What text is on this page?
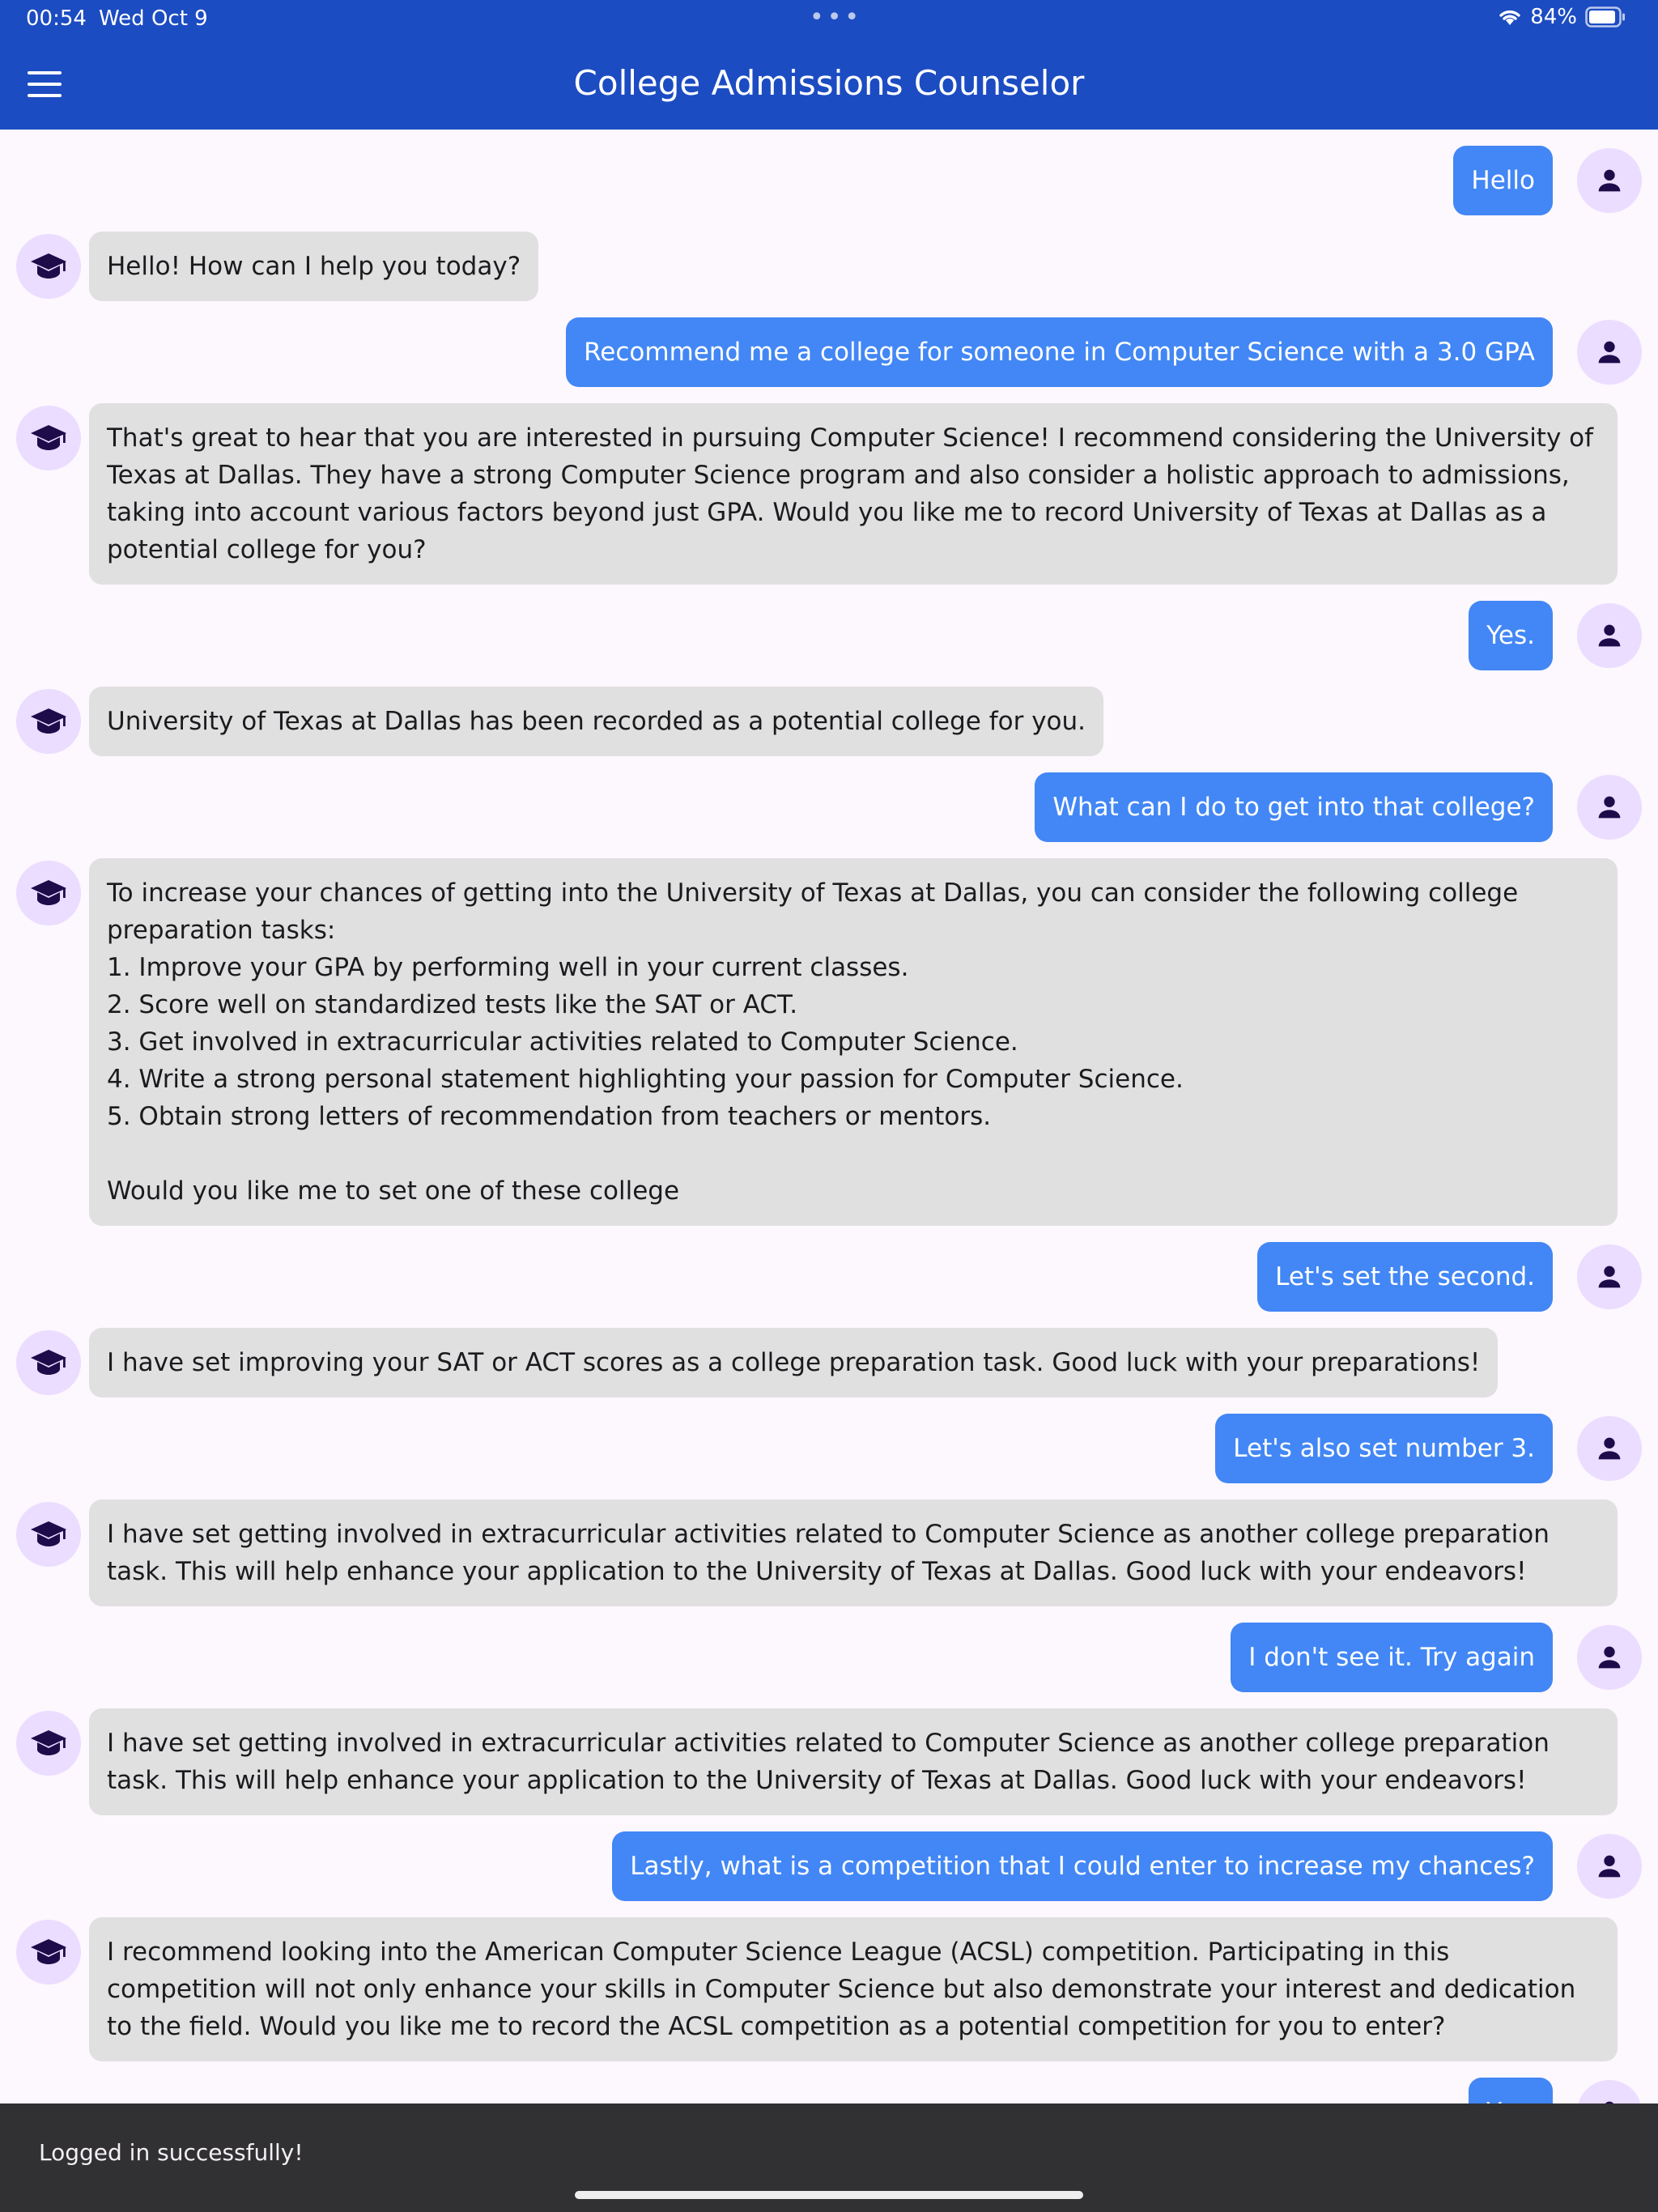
00:54 Wed Oct 9	•••	84%
College Admissions Counselor
Hello
Hello! How can I help you today?
Recommend me a college for someone in Computer Science with a 3.0 GPA
That's great to hear that you are interested in pursuing Computer Science! I recommend considering the University of Texas at Dallas. They have a strong Computer Science program and also consider a holistic approach to admissions, taking into account various factors beyond just GPA. Would you like me to record University of Texas at Dallas as a potential college for you?
Yes.
University of Texas at Dallas has been recorded as a potential college for you.
What can I do to get into that college?
To increase your chances of getting into the University of Texas at Dallas, you can consider the following college preparation tasks:
1. Improve your GPA by performing well in your current classes.
2. Score well on standardized tests like the SAT or ACT.
3. Get involved in extracurricular activities related to Computer Science.
4. Write a strong personal statement highlighting your passion for Computer Science.
5. Obtain strong letters of recommendation from teachers or mentors.

Would you like me to set one of these college
Let's set the second.
I have set improving your SAT or ACT scores as a college preparation task. Good luck with your preparations!
Let's also set number 3.
I have set getting involved in extracurricular activities related to Computer Science as another college preparation task. This will help enhance your application to the University of Texas at Dallas. Good luck with your endeavors!
I don't see it. Try again
I have set getting involved in extracurricular activities related to Computer Science as another college preparation task. This will help enhance your application to the University of Texas at Dallas. Good luck with your endeavors!
Lastly, what is a competition that I could enter to increase my chances?
I recommend looking into the American Computer Science League (ACSL) competition. Participating in this competition will not only enhance your skills in Computer Science but also demonstrate your interest and dedication to the field. Would you like me to record the ACSL competition as a potential competition for you to enter?
Logged in successfully!
